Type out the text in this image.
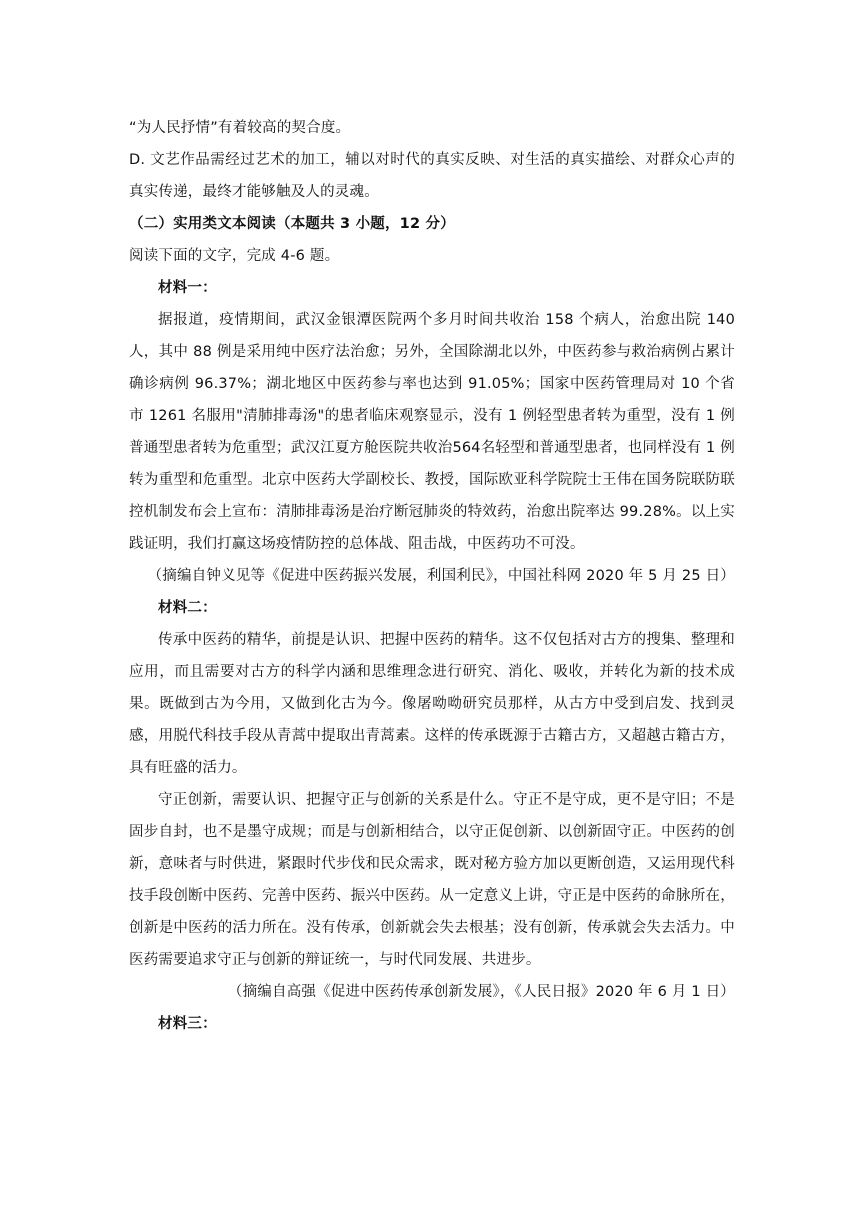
“为人民抒情”有着较高的契合度。

D. 文艺作品需经过艺术的加工，辅以对时代的真实反映、对生活的真实描绘、对群众心声的真实传递，最终才能够触及人的灵魂。

（二）实用类文本阅读（本题共 3 小题，12 分）

阅读下面的文字，完成 4-6 题。

材料一：

据报道，疫情期间，武汉金银潭医院两个多月时间共收治 158 个病人，治愈出院 140 人，其中 88 例是采用纯中医疗法治愈；另外，全国除湖北以外，中医药参与救治病例占累计确诊病例 96.37%；湖北地区中医药参与率也达到 91.05%；国家中医药管理局对 10 个省市 1261 名服用"清肺排毒汤"的患者临床观察显示，没有 1 例轻型患者转为重型，没有 1 例普通型患者转为危重型；武汉江夏方舱医院共收治564名轻型和普通型患者，也同样没有 1 例转为重型和危重型。北京中医药大学副校长、教授，国际欧亚科学院院士王伟在国务院联防联控机制发布会上宣布：清肺排毒汤是治疗断冠肺炎的特效药，治愈出院率达 99.28%。以上实践证明，我们打赢这场疫情防控的总体战、阻击战，中医药功不可没。

（摘编自钟义见等《促进中医药振兴发展，利国利民》，中国社科网 2020 年 5 月 25 日）

材料二：

传承中医药的精华，前提是认识、把握中医药的精华。这不仅包括对古方的搜集、整理和应用，而且需要对古方的科学内涵和思维理念进行研究、消化、吸收，并转化为新的技术成果。既做到古为今用，又做到化古为今。像屠呦呦研究员那样，从古方中受到启发、找到灵感，用脱代科技手段从青蒿中提取出青蒿素。这样的传承既源于古籍古方，又超越古籍古方，具有旺盛的活力。

守正创新，需要认识、把握守正与创新的关系是什么。守正不是守成，更不是守旧；不是固步自封，也不是墨守成规；而是与创新相结合，以守正促创新、以创新固守正。中医药的创新，意味者与时供进，紧跟时代步伐和民众需求，既对秘方验方加以更断创造，又运用现代科技手段创断中医药、完善中医药、振兴中医药。从一定意义上讲，守正是中医药的命脉所在，创新是中医药的活力所在。没有传承，创新就会失去根基；没有创新，传承就会失去活力。中医药需要追求守正与创新的辩证统一，与时代同发展、共进步。

（摘编自高强《促进中医药传承创新发展》，《人民日报》2020 年 6 月 1 日）

材料三：
